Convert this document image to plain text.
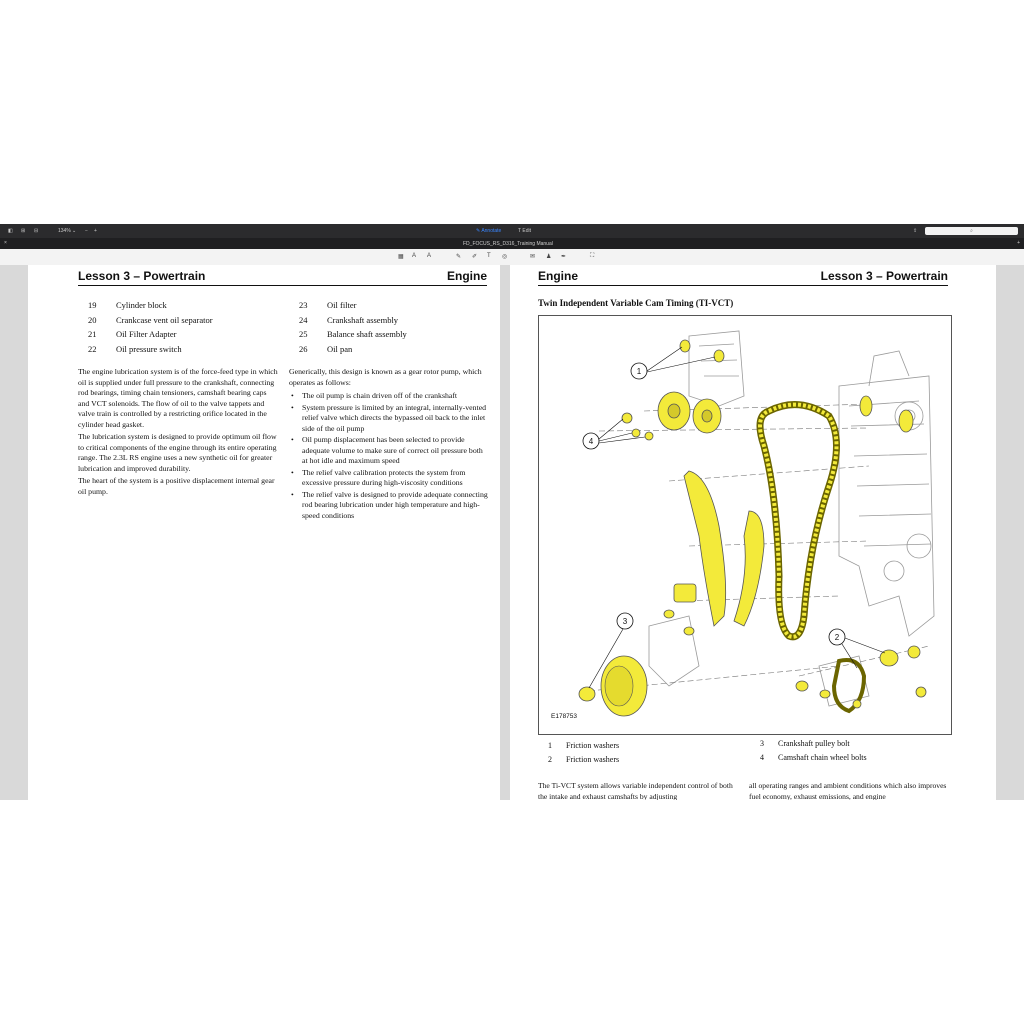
◧ ⊞ ⊟	134% ⌄ − +	✎ Annotate	T Edit	⇪	⌕
×	FD_FOCUS_RS_D316_Training Manual	+
▦ A A	✎ ✐ T ◎	✉ ♟ ✒	⛶
Lesson 3 – Powertrain	Engine
19 Cylinder block
20 Crankcase vent oil separator
21 Oil Filter Adapter
22 Oil pressure switch
23 Oil filter
24 Crankshaft assembly
25 Balance shaft assembly
26 Oil pan

The engine lubrication system is of the force-feed type in which oil is supplied under full pressure to the crankshaft, connecting rod bearings, timing chain tensioners, camshaft bearing caps and VCT solenoids. The flow of oil to the valve tappets and valve train is controlled by a restricting orifice located in the cylinder head gasket.

The lubrication system is designed to provide optimum oil flow to critical components of the engine through its entire operating range. The 2.3L RS engine uses a new synthetic oil for greater lubrication and improved durability.

The heart of the system is a positive displacement internal gear oil pump.

Generically, this design is known as a gear rotor pump, which operates as follows:
• The oil pump is chain driven off of the crankshaft
• System pressure is limited by an integral, internally-vented relief valve which directs the bypassed oil back to the inlet side of the oil pump
• Oil pump displacement has been selected to provide adequate volume to make sure of correct oil pressure both at hot idle and maximum speed
• The relief valve calibration protects the system from excessive pressure during high-viscosity conditions
• The relief valve is designed to provide adequate connecting rod bearing lubrication under high temperature and high-speed conditions
Engine	Lesson 3 – Powertrain
Twin Independent Variable Cam Timing (TI-VCT)
1
4
3
2
E178753
1 Friction washers
2 Friction washers
3 Crankshaft pulley bolt
4 Camshaft chain wheel bolts
The Ti-VCT system allows variable independent control of both the intake and exhaust camshafts by adjusting
all operating ranges and ambient conditions which also improves fuel economy, exhaust emissions, and engine
